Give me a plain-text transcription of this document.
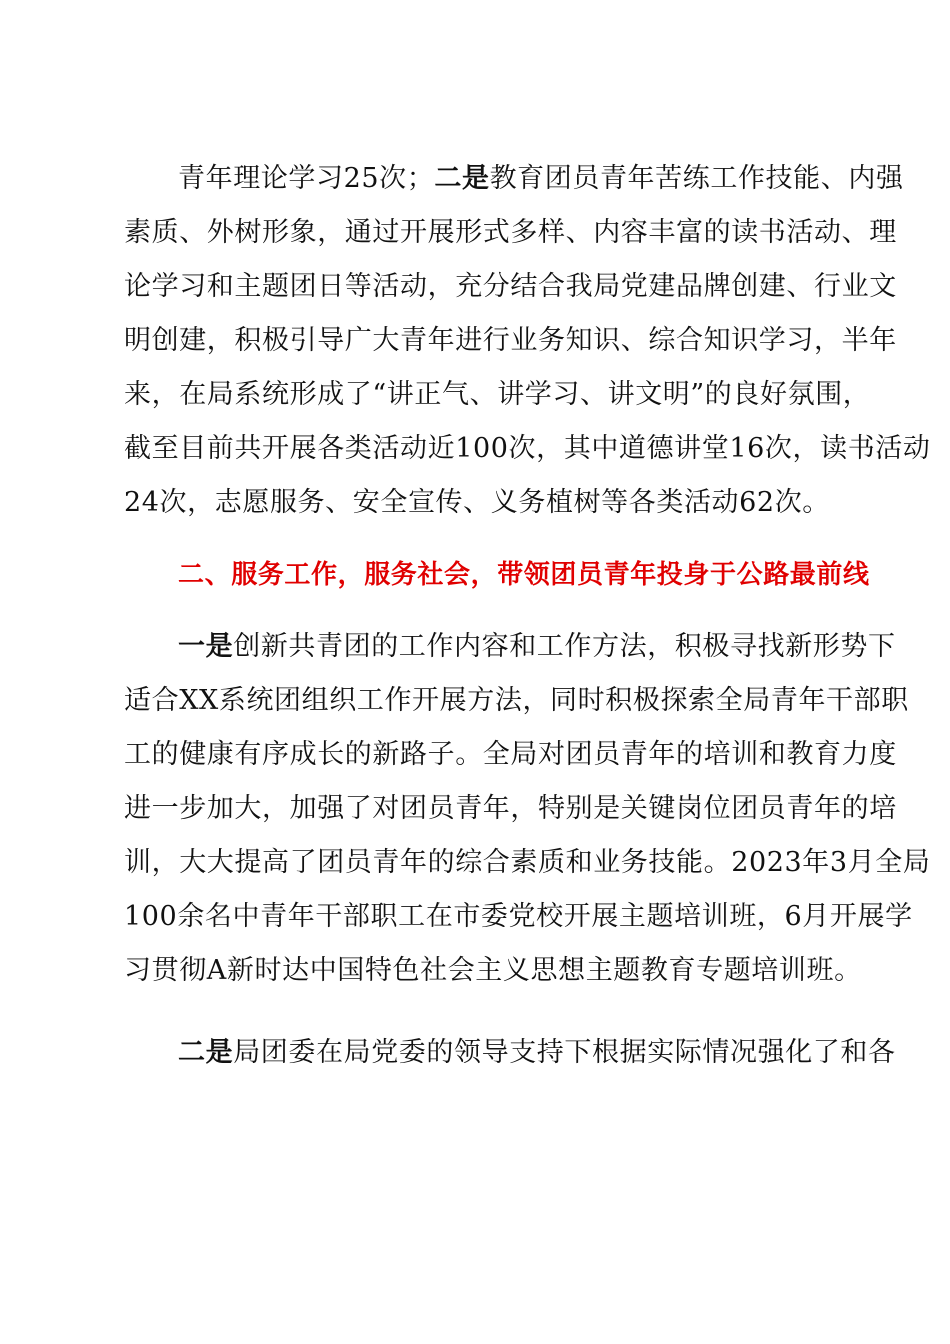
青年理论学习25次；二是教育团员青年苦练工作技能、内强
素质、外树形象，通过开展形式多样、内容丰富的读书活动、理
论学习和主题团日等活动，充分结合我局党建品牌创建、行业文
明创建，积极引导广大青年进行业务知识、综合知识学习，半年
来，在局系统形成了“讲正气、讲学习、讲文明”的良好氛围，
截至目前共开展各类活动近100次，其中道德讲堂16次，读书活动
24次，志愿服务、安全宣传、义务植树等各类活动62次。
二、服务工作，服务社会，带领团员青年投身于公路最前线
一是创新共青团的工作内容和工作方法，积极寻找新形势下
适合XX系统团组织工作开展方法，同时积极探索全局青年干部职
工的健康有序成长的新路子。全局对团员青年的培训和教育力度
进一步加大，加强了对团员青年，特别是关键岗位团员青年的培
训，大大提高了团员青年的综合素质和业务技能。2023年3月全局
100余名中青年干部职工在市委党校开展主题培训班，6月开展学
习贯彻A新时达中国特色社会主义思想主题教育专题培训班。
二是局团委在局党委的领导支持下根据实际情况强化了和各
